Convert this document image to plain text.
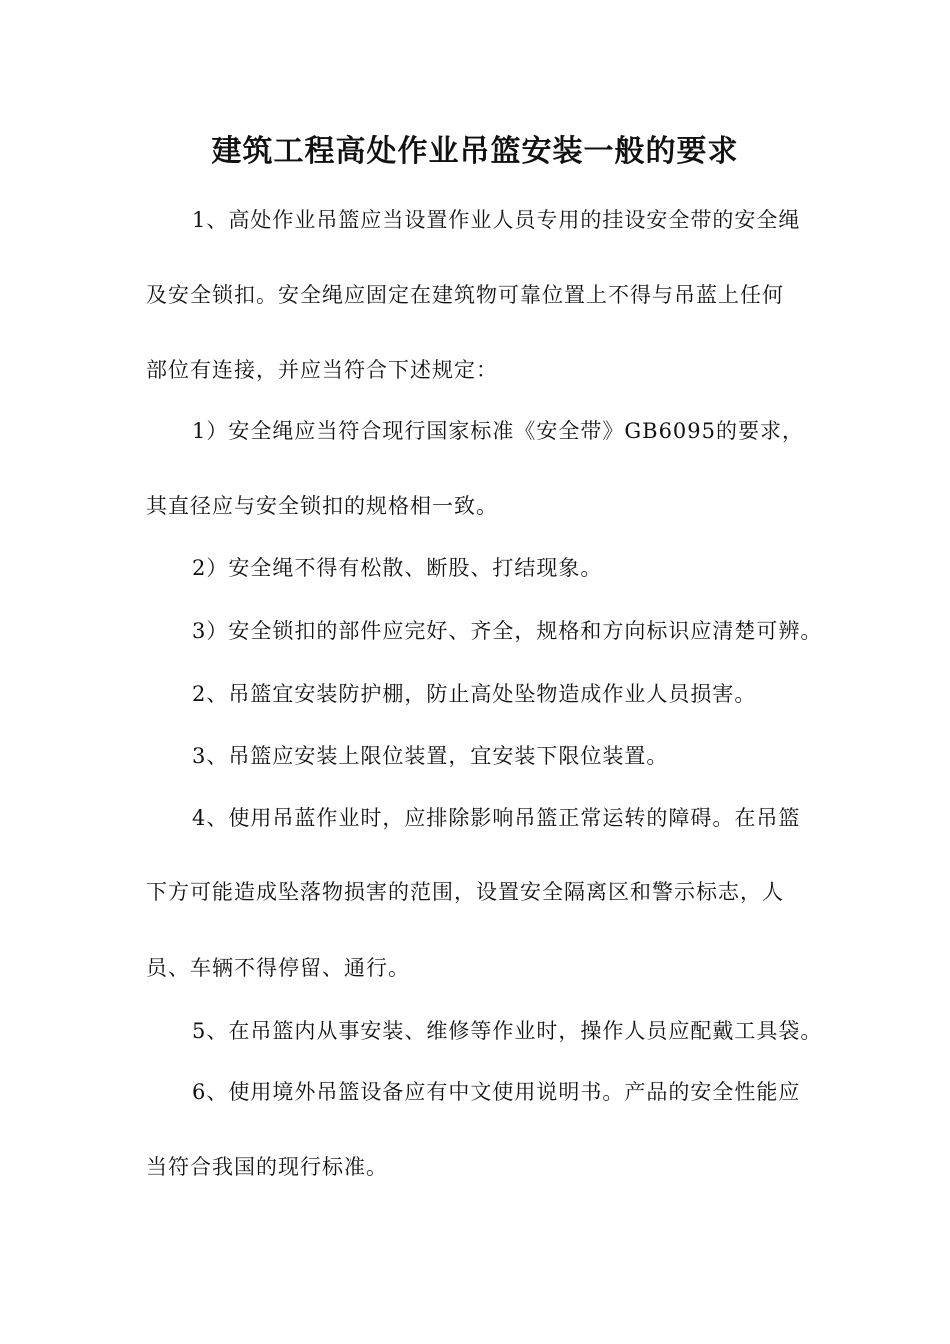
建筑工程高处作业吊篮安装一般的要求

1、高处作业吊篮应当设置作业人员专用的挂设安全带的安全绳

及安全锁扣。安全绳应固定在建筑物可靠位置上不得与吊蓝上任何

部位有连接，并应当符合下述规定：

1）安全绳应当符合现行国家标准《安全带》GB6095的要求，

其直径应与安全锁扣的规格相一致。

2）安全绳不得有松散、断股、打结现象。

3）安全锁扣的部件应完好、齐全，规格和方向标识应清楚可辨。

2、吊篮宜安装防护棚，防止高处坠物造成作业人员损害。

3、吊篮应安装上限位装置，宜安装下限位装置。

4、使用吊蓝作业时，应排除影响吊篮正常运转的障碍。在吊篮

下方可能造成坠落物损害的范围，设置安全隔离区和警示标志，人

员、车辆不得停留、通行。

5、在吊篮内从事安装、维修等作业时，操作人员应配戴工具袋。

6、使用境外吊篮设备应有中文使用说明书。产品的安全性能应

当符合我国的现行标准。
